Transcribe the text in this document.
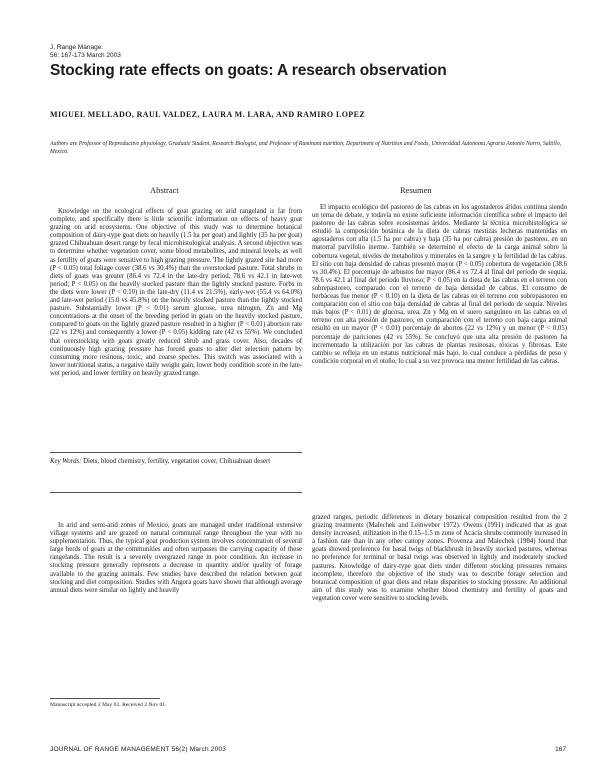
J. Range Manage.
56: 167-173 March 2003
Stocking rate effects on goats: A research observation
MIGUEL MELLADO, RAUL VALDEZ, LAURA M. LARA, AND RAMIRO LOPEZ
Authors are Professor of Reproductive physiology, Graduate Student, Research Biologist, and Professor of Ruminant nutrition, Department of Nutrition and Foods, Universidad Autonoma Agraria Antonio Narro, Saltillo, Mexico.
Abstract	Resumen

Knowledge on the ecological effects of goat grazing on arid rangeland is far from complete, and specifically there is little scientific information on effects of heavy goat grazing on arid ecosystems. One objective of this study was to determine botanical composition of dairy-type goat diets on heavily (1.5 ha per goat) and lightly (35 ha per goat) grazed Chihuahuan desert range by fecal microhistological analysis. A second objective was to determine whether vegetation cover, some blood metabolites, and mineral levels, as well as fertility of goats were sensitive to high grazing pressure. The lightly grazed site had more (P < 0.05) total foliage cover (38.6 vs 30.4%) than the overstocked pasture. Total shrubs in diets of goats was greater (86.4 vs 72.4 in the late-dry period, 78.6 vs 42.1 in late-wet period; P < 0.05) on the heavily stocked pasture than the lightly stocked pasture. Forbs in the diets were lower (P < 0.10) in the late-dry (11.4 vs 21.5%), early-wet (55.4 vs 64.0%) and late-wet period (15.0 vs 45.8%) on the heavily stocked pasture than the lightly stocked pasture. Substantially lower (P < 0.01) serum glucose, urea nitrogen, Zn and Mg concentrations at the onset of the breeding period in goats on the heavily stocked pasture, compared to goats on the lightly grazed pasture resulted in a higher (P < 0.01) abortion rate (22 vs 12%) and consequently a lower (P < 0.05) kidding rate (42 vs 55%). We concluded that overstocking with goats greatly reduced shrub and grass cover. Also, decades of continuously high grazing pressure has forced goats to alter diet selection pattern by consuming more resinous, toxic, and coarse species. This switch was associated with a lower nutritional status, a negative daily weight gain, lower body condition score in the late-wet period, and lower fertility on heavily grazed range.

El impacto ecológico del pastoreo de las cabras en los agostaderos áridos continua siendo un tema de debate, y todavía no existe suficiente información científica sobre el impacto del pastoreo de las cabras sobre ecosistemas áridos. Mediante la técnica microhistológica se estudió la composición botánica de la dieta de cabras mestizas lecheras mantenidas en agostaderos con alta (1.5 ha por cabra) y baja (35 ha por cabra) presión de pastoreo, en un matorral parvifolio inerme. También se determinó el efecto de la carga animal sobre la cobertura vegetal, niveles de metabolitos y minerales en la sangre y la fertilidad de las cabras. El sitio con baja densidad de cabras presentó mayor (P < 0.05) cobertura de vegetación (38.6 vs 30.4%). El porcentaje de arbustos fue mayor (86.4 vs 72.4 al final del período de sequía, 78.6 vs 42.1 al final del período lluvioso; P < 0.05) en la dieta de las cabras en el terreno con sobrepastoreo, comparado con el terreno de baja densidad de cabras. El consumo de herbáceas fue menor (P < 0.10) en la dieta de las cabras en el terreno con sobrepastoreo en comparación con el sitio con baja densidad de cabras al final del período de sequía. Niveles más bajos (P < 0.01) de glucosa, urea, Zn y Mg en el suero sanguíneo en las cabras en el terreno con alta presión de pastoreo, en comparación con el terreno con baja carga animal resultó en un mayor (P < 0.01) porcentaje de abortos (22 vs 12%) y un menor (P < 0.05) porcentaje de pariciones (42 vs 55%). Se concluyó que una alta presión de pastoreo ha incrementado la utilización por las cabras de plantas resinosas, tóxicas y fibrosas. Este cambio se refleja en un estatus nutricional más bajo, lo cual conduce a pérdidas de peso y condición corporal en el otoño, lo cual a su vez provoca una menor fertilidad de las cabras.

Key Words: Diets, blood chemistry, fertility, vegetation cover, Chihuahuan desert

In arid and semi-arid zones of Mexico, goats are managed under traditional extensive village systems and are grazed on natural communal range throughout the year with no supplementation. Thus, the typical goat production system involves concentration of several large herds of goats at the communities and often surpasses the carrying capacity of these rangelands. The result is a severely overgrazed range in poor condition. An increase in stocking pressure generally represents a decrease in quantity and/or quality of forage available to the grazing animals. Few studies have described the relation between goat stocking and diet composition. Studies with Angora goats have shown that although average annual diets were similar on lightly and heavily

grazed ranges, periodic differences in dietary botanical composition resulted from the 2 grazing treatments (Malechek and Leinweber 1972). Owens (1991) indicated that as goat density increased, utilization in the 0.15–1.5 m zone of Acacia shrubs commonly increased in a fashion rate than in any other canopy zones. Provenza and Malechek (1984) found that goats showed preference for basal twigs of blackbrush in heavily stocked pastures, whereas no preference for terminal or basal twigs was observed in lightly and moderately stocked pastures. Knowledge of dairy-type goat diets under different stocking pressures remains incomplete, therefore the objective of the study was to describe forage selection and botanical composition of goat diets and relate disparities to stocking pressure. An additional aim of this study was to examine whether blood chemistry and fertility of goats and vegetation cover were sensitive to stocking levels.

Manuscript accepted 2 May 02. Received 2 Nov 01.
JOURNAL OF RANGE MANAGEMENT 56(2) March 2003	167
